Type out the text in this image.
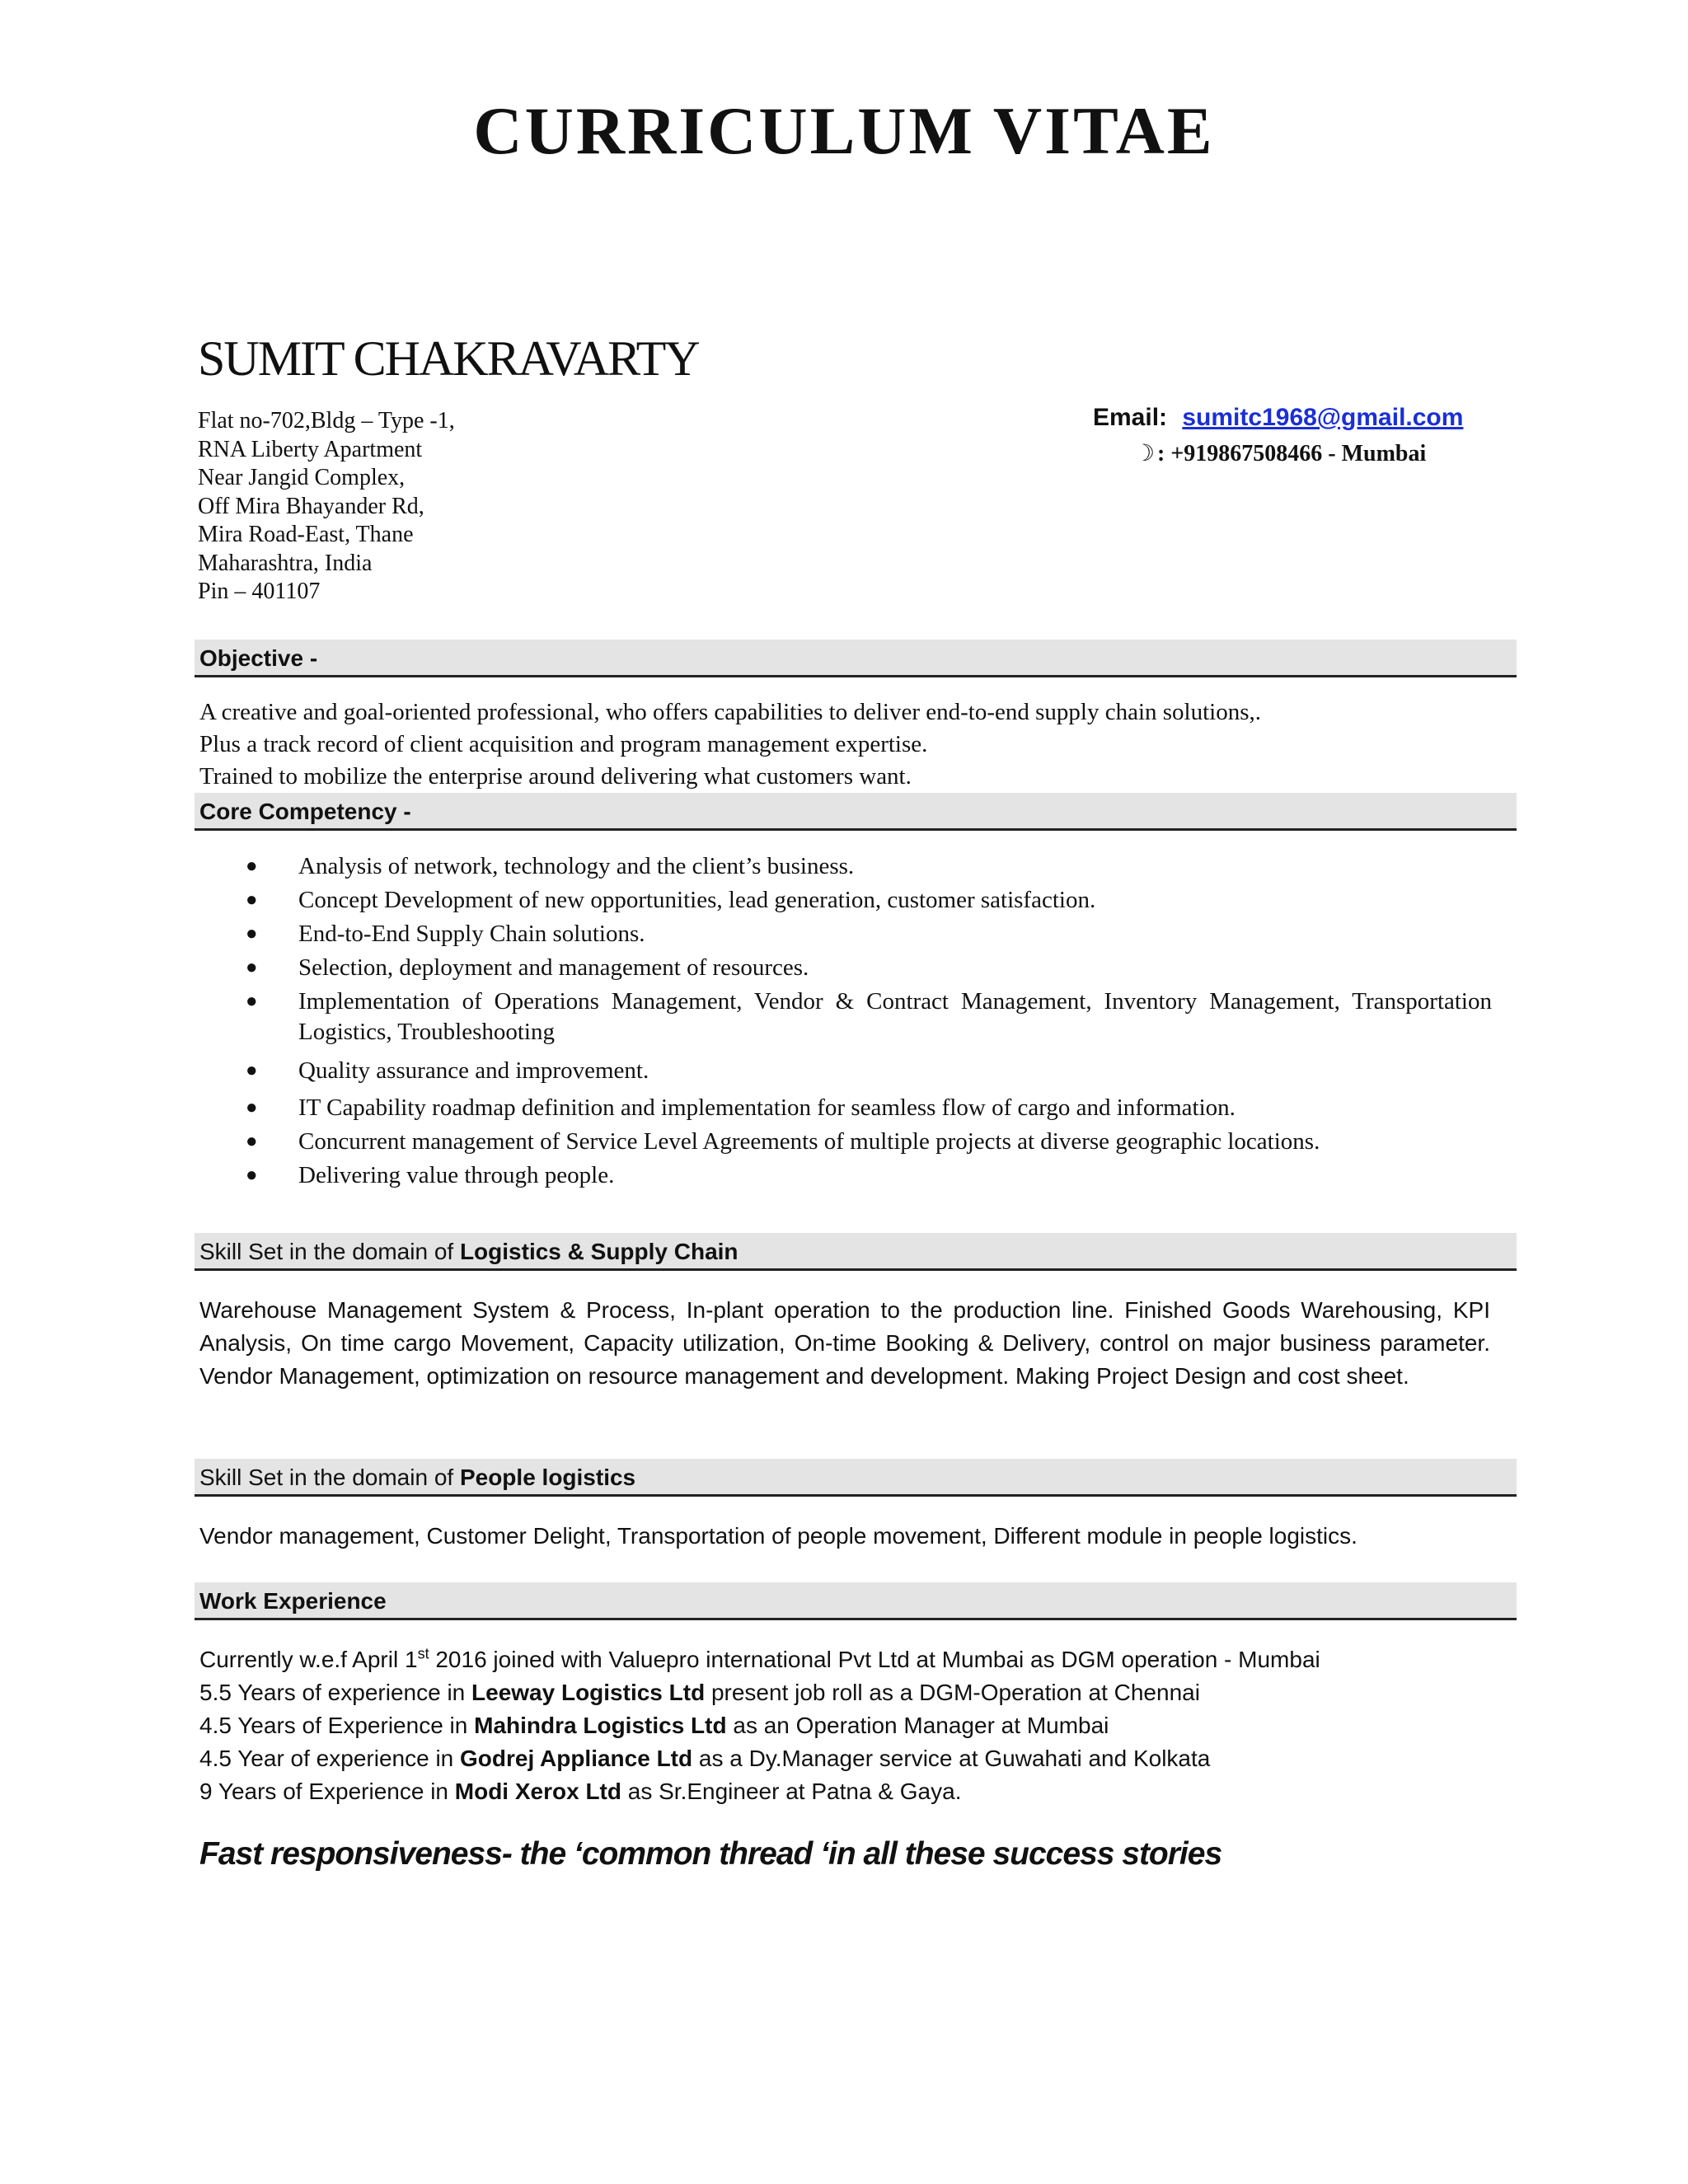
CURRICULUM VITAE
SUMIT CHAKRAVARTY
Flat no-702,Bldg – Type -1,
RNA Liberty Apartment
Near Jangid Complex,
Off Mira Bhayander Rd,
Mira Road-East, Thane
Maharashtra, India
Pin – 401107
Email: sumitc1968@gmail.com
☽ : +919867508466 - Mumbai
Objective -
A creative and goal-oriented professional, who offers capabilities to deliver end-to-end supply chain solutions,.
Plus a track record of client acquisition and program management expertise.
Trained to mobilize the enterprise around delivering what customers want.
Core Competency -
● Analysis of network, technology and the client’s business.
● Concept Development of new opportunities, lead generation, customer satisfaction.
● End-to-End Supply Chain solutions.
● Selection, deployment and management of resources.
● Implementation of Operations Management, Vendor & Contract Management, Inventory Management, Transportation Logistics, Troubleshooting
● Quality assurance and improvement.
● IT Capability roadmap definition and implementation for seamless flow of cargo and information.
● Concurrent management of Service Level Agreements of multiple projects at diverse geographic locations.
● Delivering value through people.
Skill Set in the domain of Logistics & Supply Chain
Warehouse Management System & Process, In-plant operation to the production line. Finished Goods Warehousing, KPI Analysis, On time cargo Movement, Capacity utilization, On-time Booking & Delivery, control on major business parameter. Vendor Management, optimization on resource management and development. Making Project Design and cost sheet.
Skill Set in the domain of People logistics
Vendor management, Customer Delight, Transportation of people movement, Different module in people logistics.
Work Experience
Currently w.e.f April 1st 2016 joined with Valuepro international Pvt Ltd at Mumbai as DGM operation - Mumbai
5.5 Years of experience in Leeway Logistics Ltd present job roll as a DGM-Operation at Chennai
4.5 Years of Experience in Mahindra Logistics Ltd as an Operation Manager at Mumbai
4.5 Year of experience in Godrej Appliance Ltd as a Dy.Manager service at Guwahati and Kolkata
9 Years of Experience in Modi Xerox Ltd as Sr.Engineer at Patna & Gaya.
Fast responsiveness- the ‘common thread ‘in all these success stories
